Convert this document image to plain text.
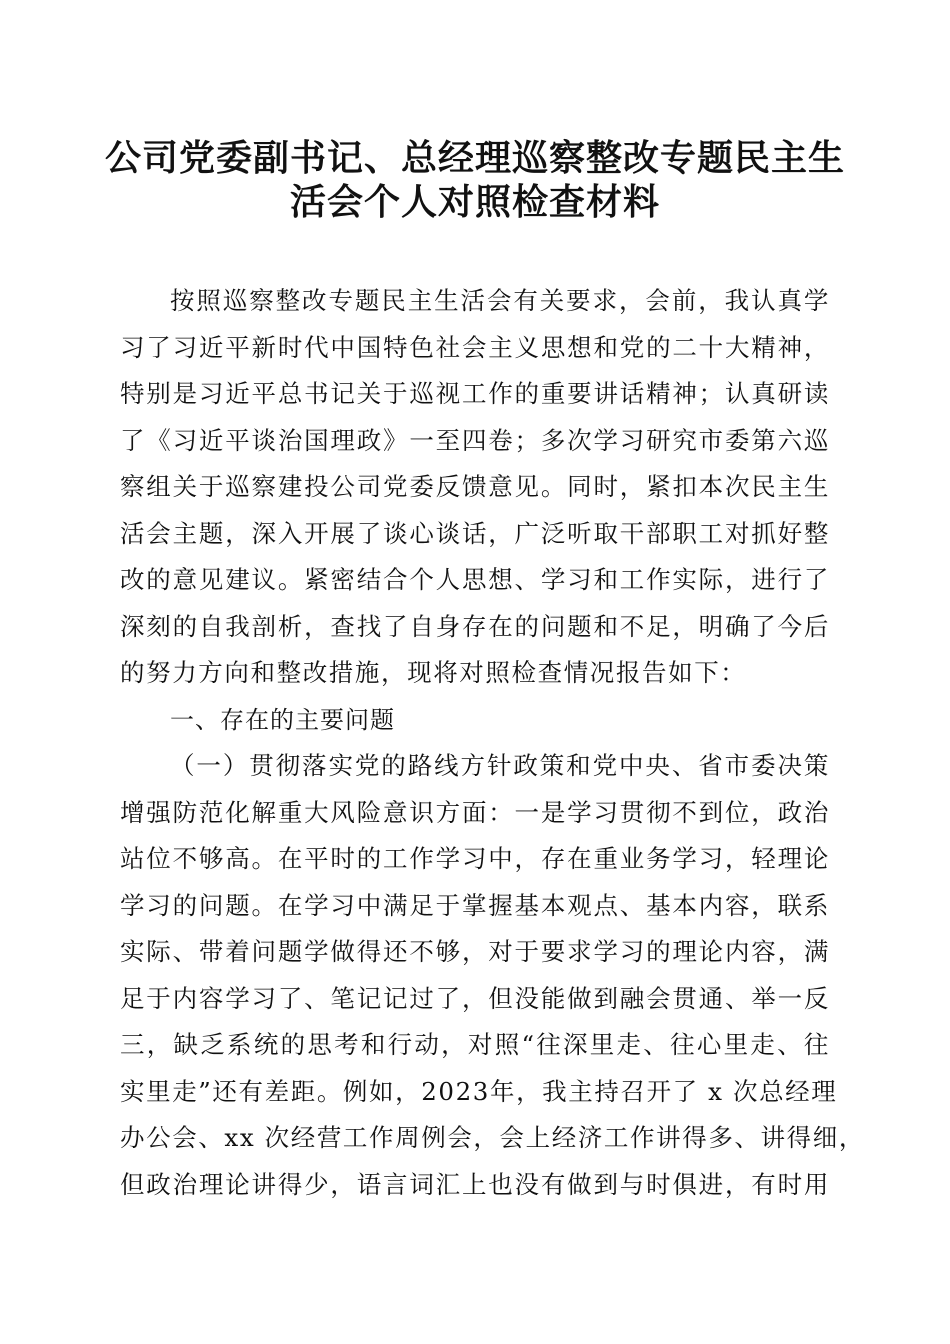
公司党委副书记、总经理巡察整改专题民主生
活会个人对照检查材料
按照巡察整改专题民主生活会有关要求，会前，我认真学
习了习近平新时代中国特色社会主义思想和党的二十大精神，
特别是习近平总书记关于巡视工作的重要讲话精神；认真研读
了《习近平谈治国理政》一至四卷；多次学习研究市委第六巡
察组关于巡察建投公司党委反馈意见。同时，紧扣本次民主生
活会主题，深入开展了谈心谈话，广泛听取干部职工对抓好整
改的意见建议。紧密结合个人思想、学习和工作实际，进行了
深刻的自我剖析，查找了自身存在的问题和不足，明确了今后
的努力方向和整改措施，现将对照检查情况报告如下：
一、存在的主要问题
（一）贯彻落实党的路线方针政策和党中央、省市委决策
增强防范化解重大风险意识方面：一是学习贯彻不到位，政治
站位不够高。在平时的工作学习中，存在重业务学习，轻理论
学习的问题。在学习中满足于掌握基本观点、基本内容，联系
实际、带着问题学做得还不够，对于要求学习的理论内容，满
足于内容学习了、笔记记过了，但没能做到融会贯通、举一反
三，缺乏系统的思考和行动，对照“往深里走、往心里走、往
实里走”还有差距。例如，2023年，我主持召开了 x 次总经理
办公会、xx 次经营工作周例会，会上经济工作讲得多、讲得细，
但政治理论讲得少，语言词汇上也没有做到与时俱进，有时用
